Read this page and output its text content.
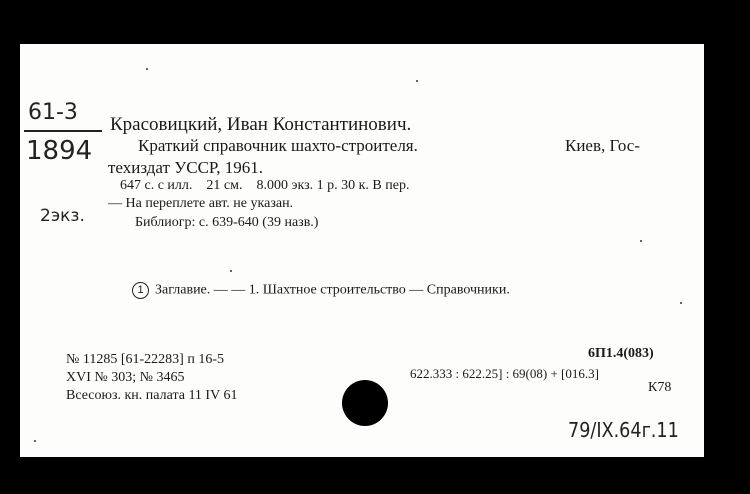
61-3
1894
2экз.
Красовицкий, Иван Константинович.
Краткий справочник шахто-строителя.	Киев, Гос-
техиздат УССР, 1961.
647 с. с илл.    21 см.    8.000 экз. 1 р. 30 к. В пер.
— На переплете авт. не указан.
Библиогр: с. 639-640 (39 назв.)
1 Заглавие. — — 1. Шахтное строительство — Справочники.
№ 11285 [61-22283] п 16-5
XVI № 303; № 3465
Всесоюз. кн. палата 11 IV 61
6П1.4(083)
622.333 : 622.25] : 69(08) + [016.3]
К78
79/IX.64г.11
